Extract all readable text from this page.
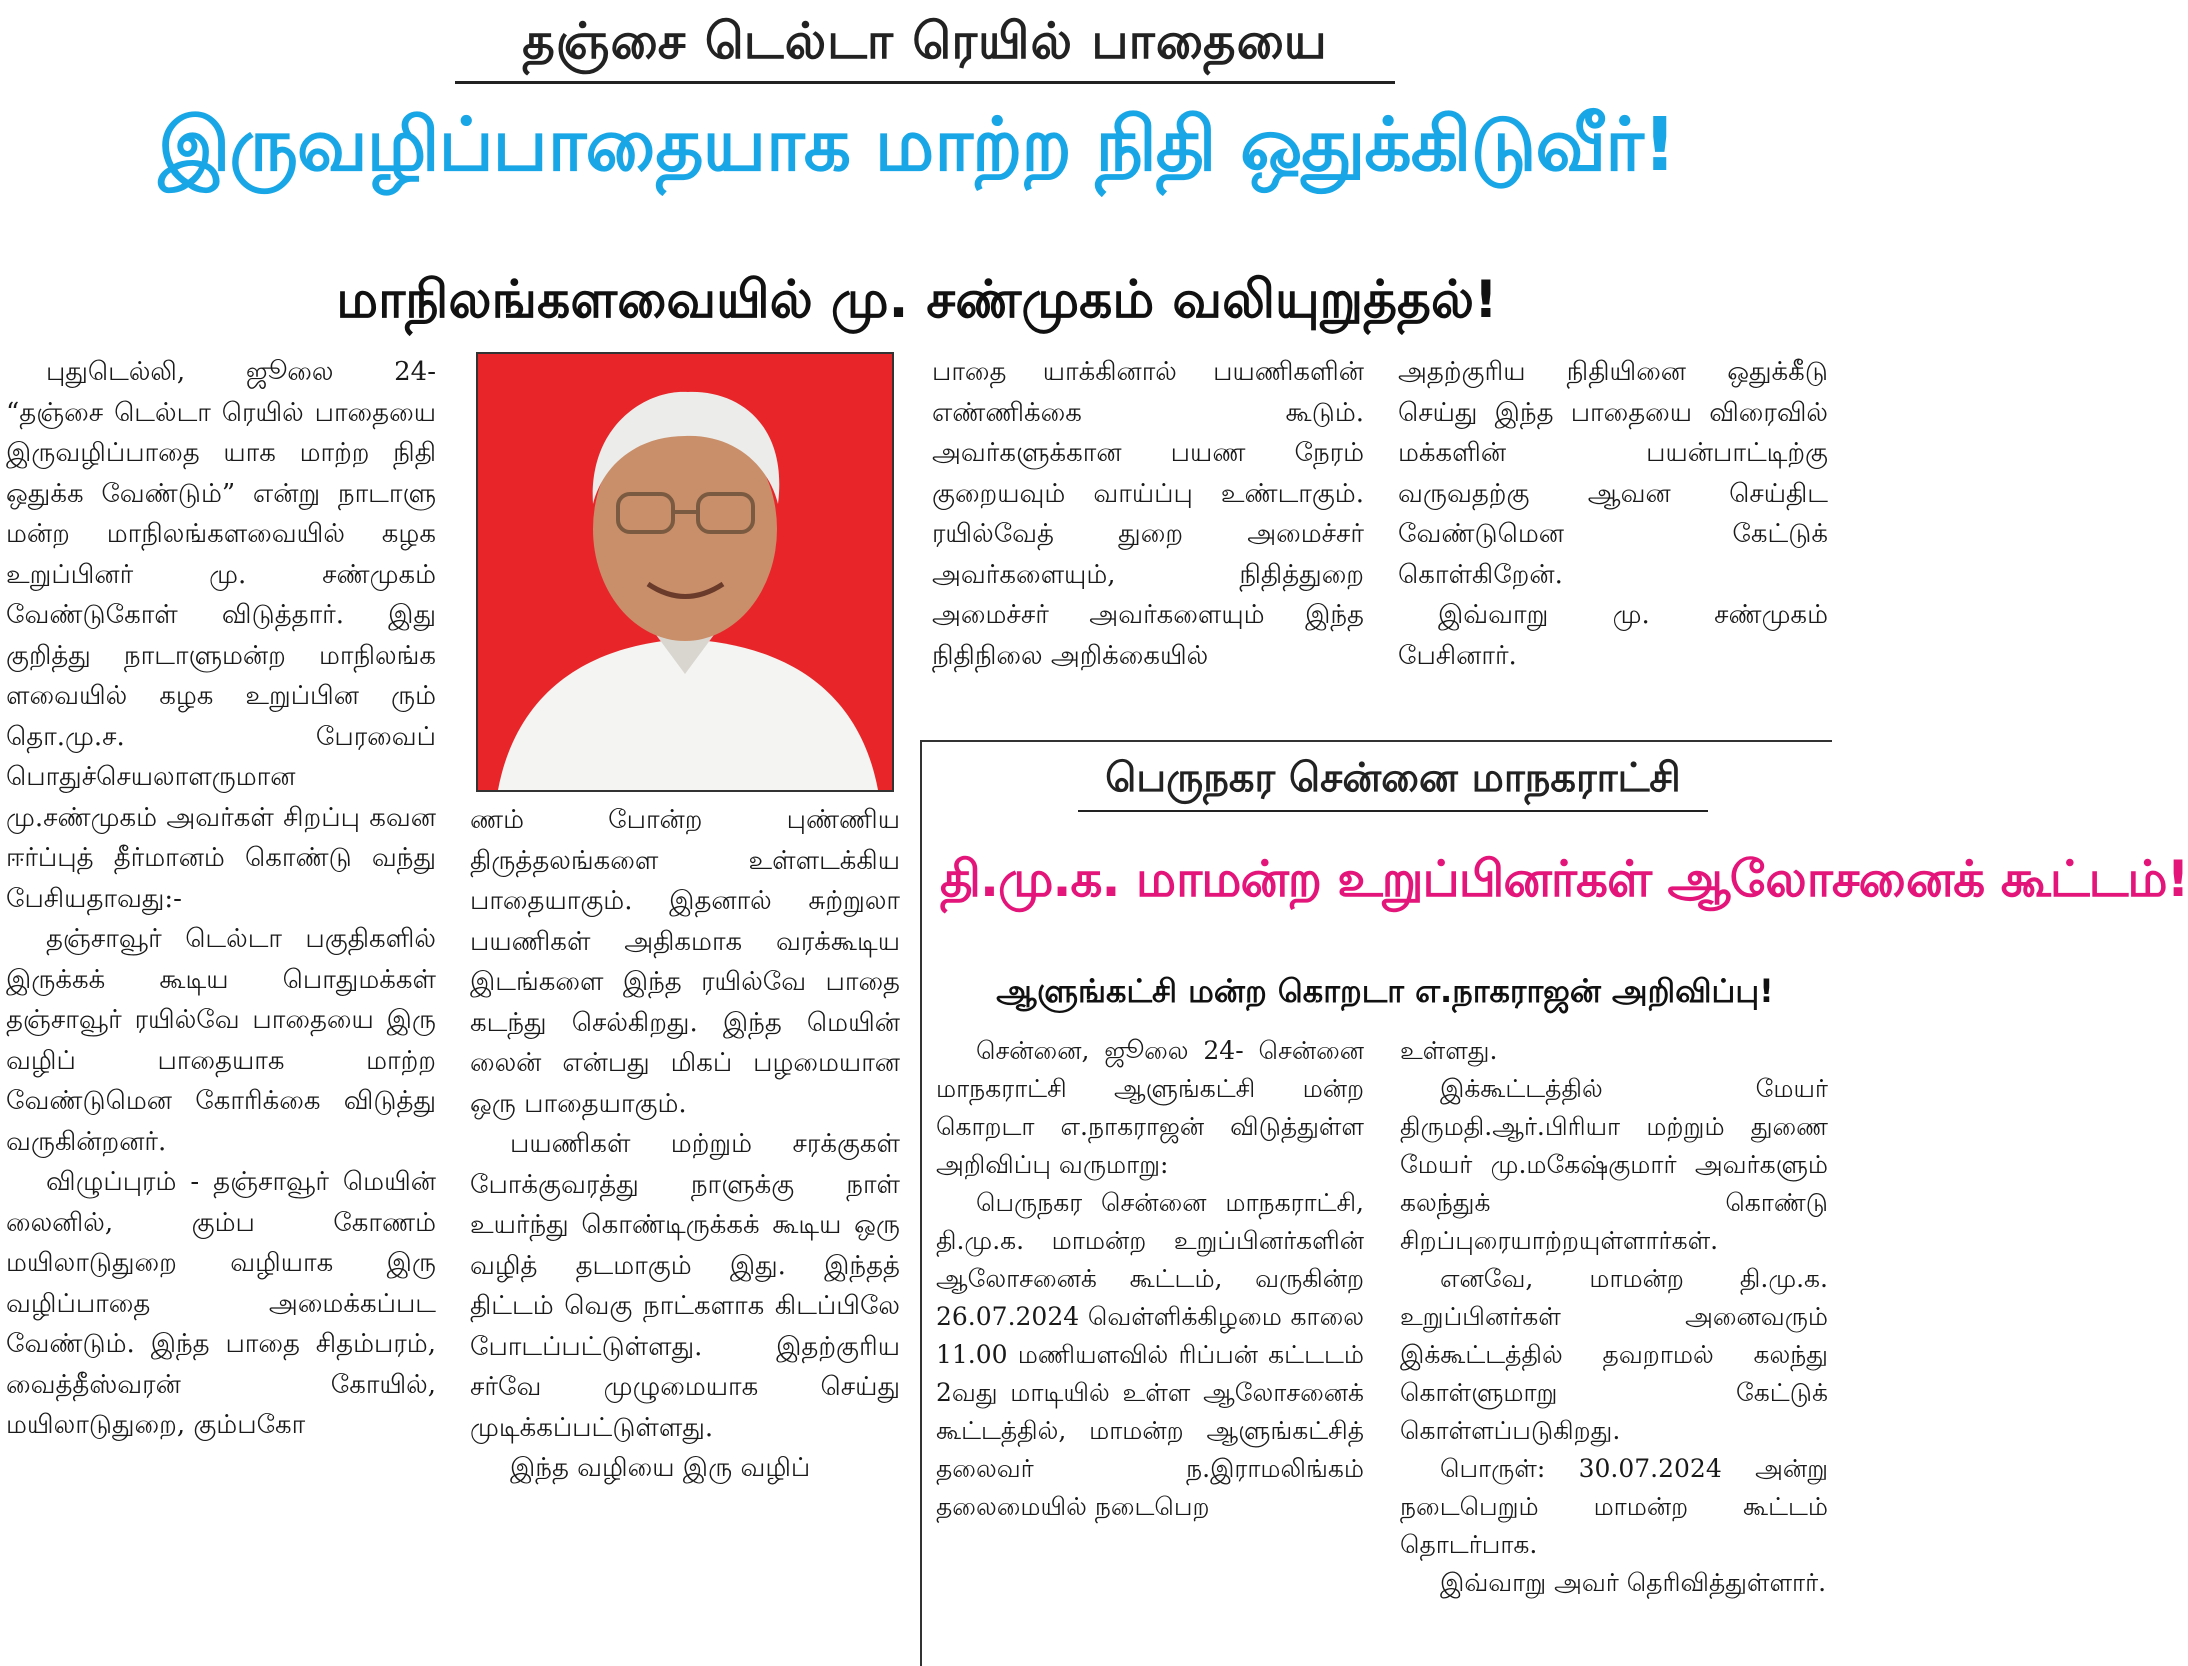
தஞ்சை டெல்டா ரெயில் பாதையை
இருவழிப்பாதையாக மாற்ற நிதி ஒதுக்கிடுவீர்!
மாநிலங்களவையில் மு. சண்முகம் வலியுறுத்தல்!

புதுடெல்லி, ஜூலை 24- “தஞ்சை டெல்டா ரெயில் பாதையை இருவழிப்பாதை யாக மாற்ற நிதி ஒதுக்க வேண்டும்” என்று நாடாளு மன்ற மாநிலங்களவையில் கழக உறுப்பினர் மு. சண்முகம் வேண்டுகோள் விடுத்தார். இது குறித்து நாடாளுமன்ற மாநிலங்க ளவையில் கழக உறுப்பின ரும் தொ.மு.ச. பேரவைப் பொதுச்செயலாளருமான மு.சண்முகம் அவர்கள் சிறப்பு கவன ஈர்ப்புத் தீர்மானம் கொண்டு வந்து பேசியதாவது:-

தஞ்சாவூர் டெல்டா பகுதிகளில் இருக்கக் கூடிய பொதுமக்கள் தஞ்சாவூர் ரயில்வே பாதையை இரு வழிப் பாதையாக மாற்ற வேண்டுமென கோரிக்கை விடுத்து வருகின்றனர்.

விழுப்புரம் - தஞ்சாவூர் மெயின் லைனில், கும்ப கோணம் மயிலாடுதுறை வழியாக இரு வழிப்பாதை அமைக்கப்பட வேண்டும். இந்த பாதை சிதம்பரம், வைத்தீஸ்வரன் கோயில், மயிலாடுதுறை, கும்பகோ

ணம் போன்ற புண்ணிய திருத்தலங்களை உள்ளடக்கிய பாதையாகும். இதனால் சுற்றுலா பயணிகள் அதிகமாக வரக்கூடிய இடங்களை இந்த ரயில்வே பாதை கடந்து செல்கிறது. இந்த மெயின் லைன் என்பது மிகப் பழமையான ஒரு பாதையாகும்.

பயணிகள் மற்றும் சரக்குகள் போக்குவரத்து நாளுக்கு நாள் உயர்ந்து கொண்டிருக்கக் கூடிய ஒரு வழித் தடமாகும் இது. இந்தத் திட்டம் வெகு நாட்களாக கிடப்பிலே போடப்பட்டுள்ளது. இதற்குரிய சர்வே முழுமையாக செய்து முடிக்கப்பட்டுள்ளது.

இந்த வழியை இரு வழிப்

பாதை யாக்கினால் பயணிகளின் எண்ணிக்கை கூடும். அவர்களுக்கான பயண நேரம் குறையவும் வாய்ப்பு உண்டாகும். ரயில்வேத் துறை அமைச்சர் அவர்களையும், நிதித்துறை அமைச்சர் அவர்களையும் இந்த நிதிநிலை அறிக்கையில்

அதற்குரிய நிதியினை ஒதுக்கீடு செய்து இந்த பாதையை விரைவில் மக்களின் பயன்பாட்டிற்கு வருவதற்கு ஆவன செய்திட வேண்டுமென கேட்டுக் கொள்கிறேன்.

இவ்வாறு மு. சண்முகம் பேசினார்.

பெருநகர சென்னை மாநகராட்சி
தி.மு.க. மாமன்ற உறுப்பினர்கள் ஆலோசனைக் கூட்டம்!
ஆளுங்கட்சி மன்ற கொறடா எ.நாகராஜன் அறிவிப்பு!

சென்னை, ஜூலை 24- சென்னை மாநகராட்சி ஆளுங்கட்சி மன்ற கொறடா எ.நாகராஜன் விடுத்துள்ள அறிவிப்பு வருமாறு:

பெருநகர சென்னை மாநகராட்சி, தி.மு.க. மாமன்ற உறுப்பினர்களின் ஆலோசனைக் கூட்டம், வருகின்ற 26.07.2024 வெள்ளிக்கிழமை காலை 11.00 மணியளவில் ரிப்பன் கட்டடம் 2வது மாடியில் உள்ள ஆலோசனைக் கூட்டத்தில், மாமன்ற ஆளுங்கட்சித் தலைவர் ந.இராமலிங்கம் தலைமையில் நடைபெற

உள்ளது.

இக்கூட்டத்தில் மேயர் திருமதி.ஆர்.பிரியா மற்றும் துணை மேயர் மு.மகேஷ்குமார் அவர்களும் கலந்துக் கொண்டு சிறப்புரையாற்றயுள்ளார்கள்.

எனவே, மாமன்ற தி.மு.க. உறுப்பினர்கள் அனைவரும் இக்கூட்டத்தில் தவறாமல் கலந்து கொள்ளுமாறு கேட்டுக் கொள்ளப்படுகிறது.

பொருள்: 30.07.2024 அன்று நடைபெறும் மாமன்ற கூட்டம் தொடர்பாக.

இவ்வாறு அவர் தெரிவித்துள்ளார்.
